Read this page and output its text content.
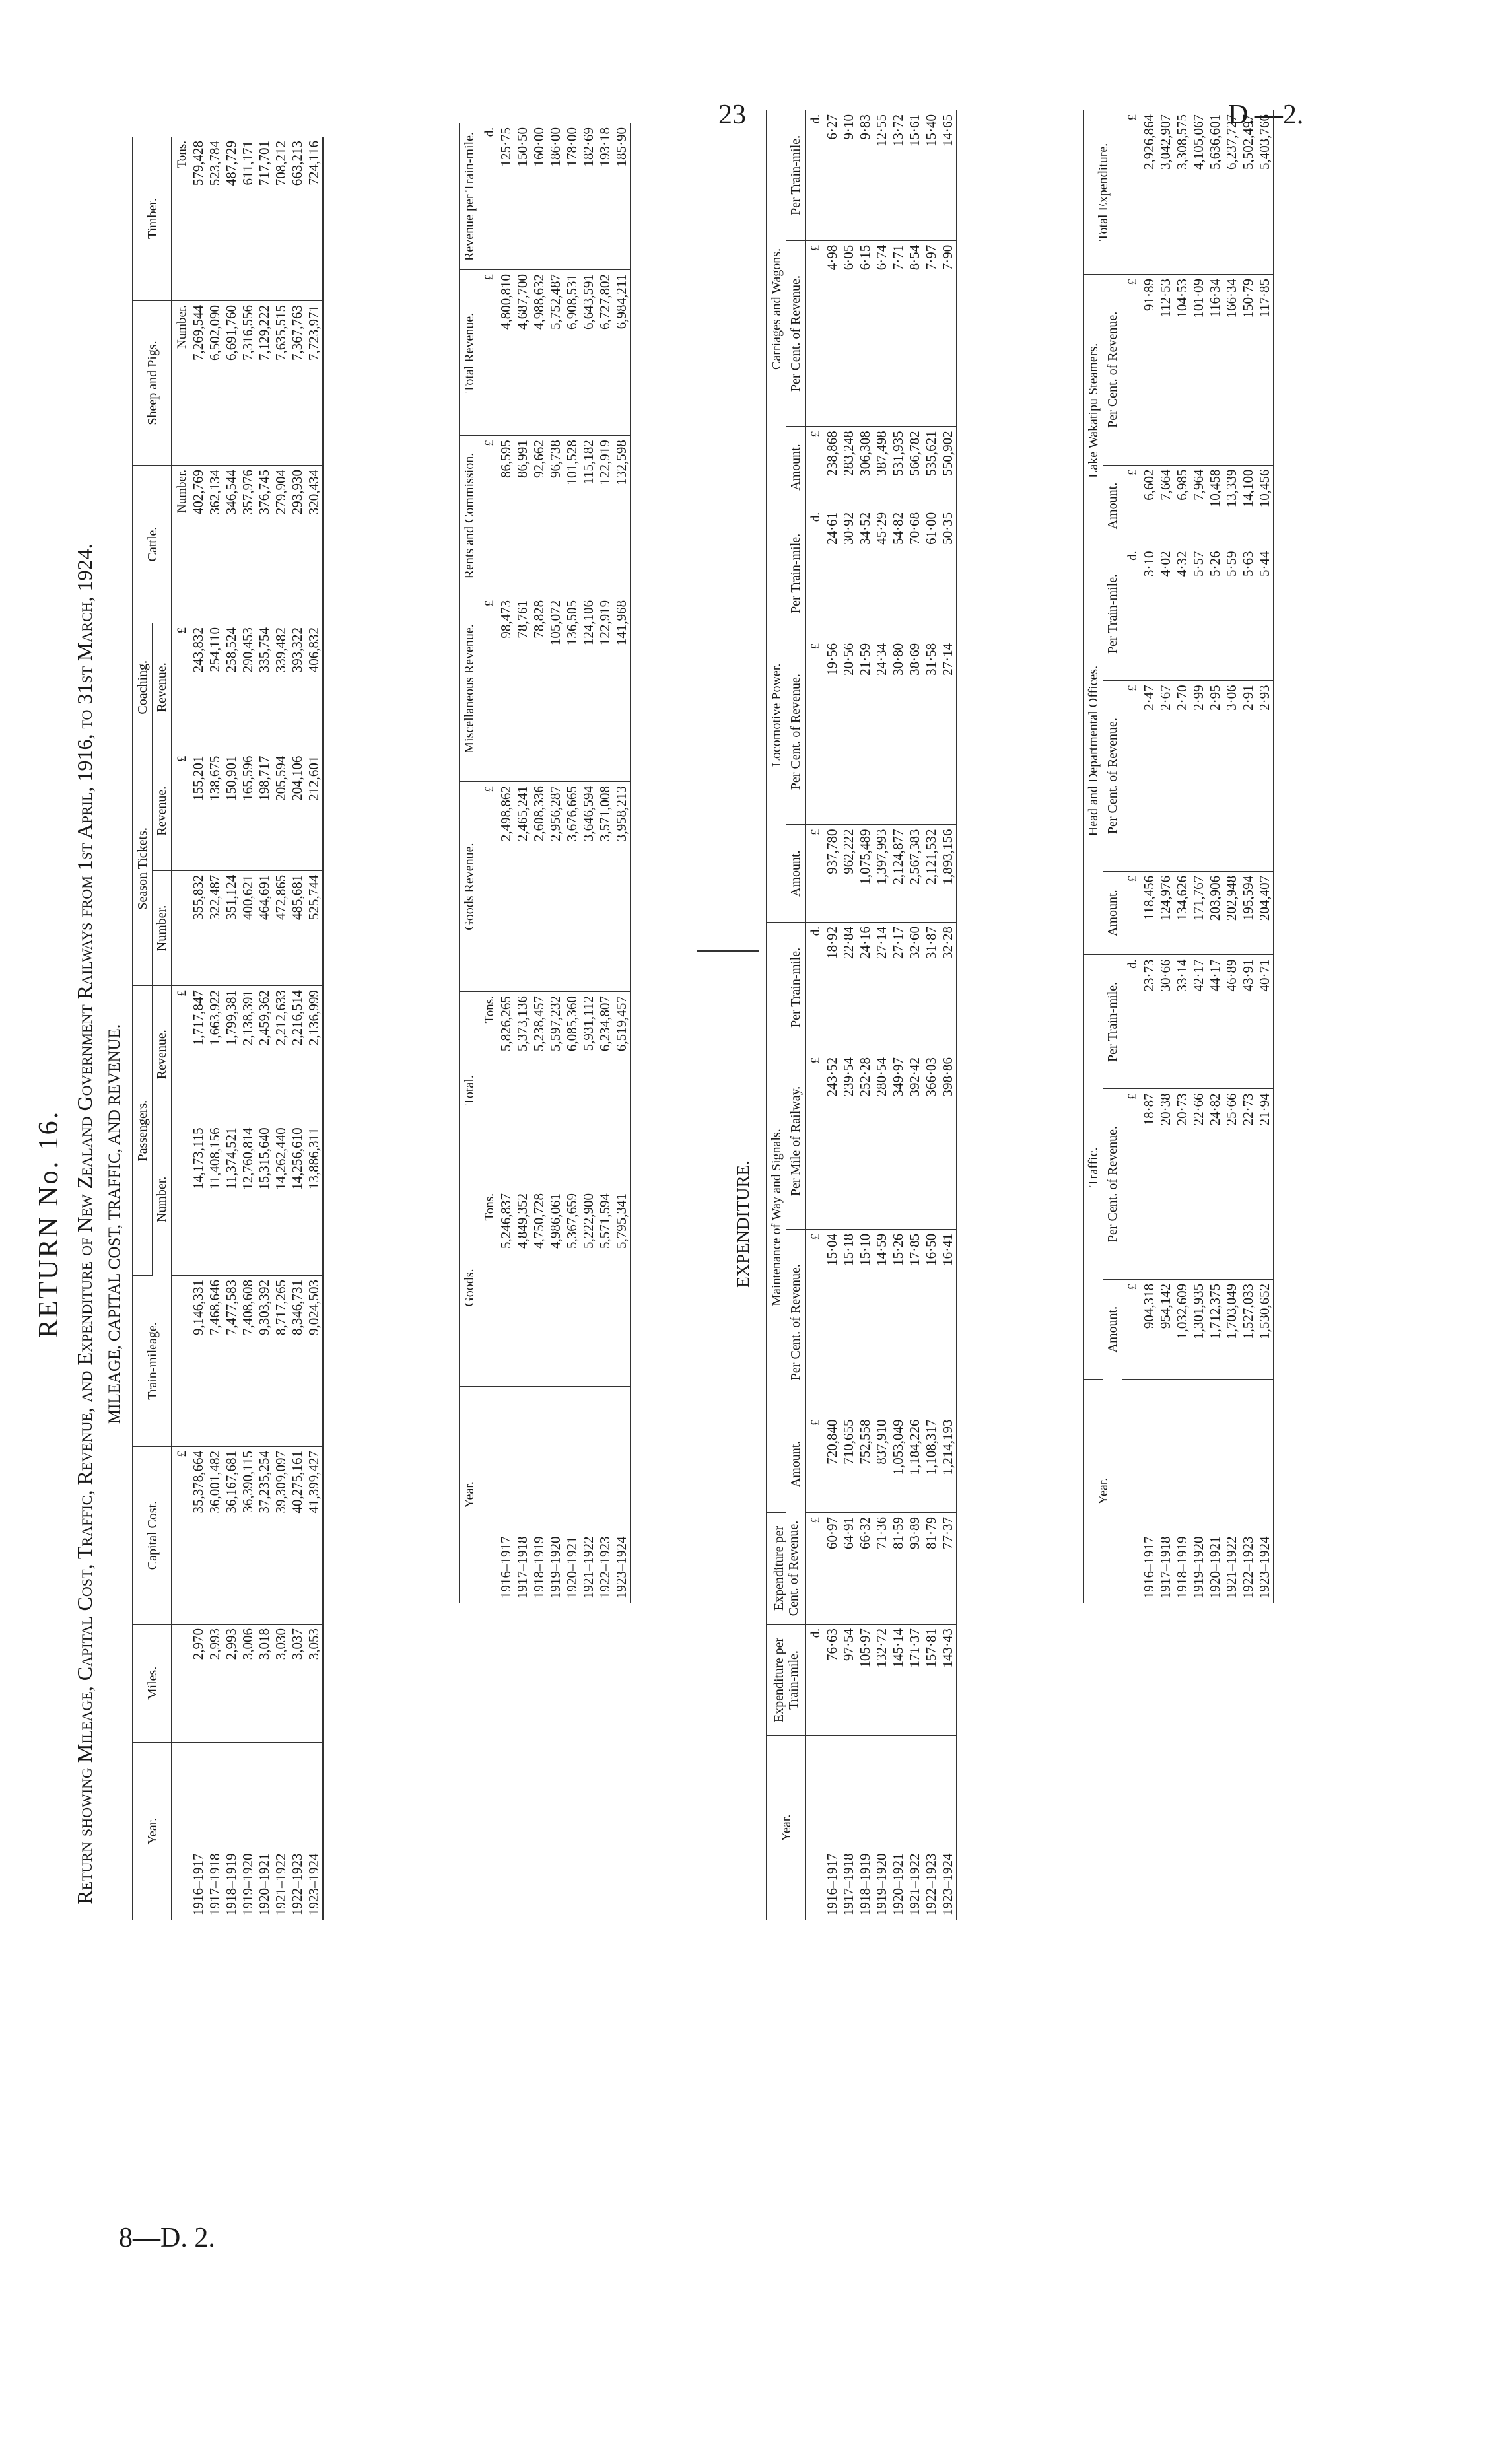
23	D.—2.
8—D. 2.
RETURN No. 16. Return showing Mileage, Capital Cost, Traffic, Revenue, and Expenditure of New Zealand Government Railways from 1st April, 1916, to 31st March, 1924. MILEAGE, CAPITAL COST, TRAFFIC, AND REVENUE.
Year.	Miles.	Capital Cost.	Train-mileage.	Passengers.		Season Tickets.		Coaching.	Cattle.	Sheep and Pigs.	Timber.
				Number.	Revenue.	Number.	Revenue.	Revenue.			
		£			£		£	£	Number.	Number.	Tons.
1916–1917	2,970	35,378,664	9,146,331	14,173,115	1,717,847	355,832	155,201	243,832	402,769	7,269,544	579,428
1917–1918	2,993	36,001,482	7,468,646	11,408,156	1,663,922	322,487	138,675	254,110	362,134	6,502,090	523,784
1918–1919	2,993	36,167,681	7,477,583	11,374,521	1,799,381	351,124	150,901	258,524	346,544	6,691,760	487,729
1919–1920	3,006	36,390,115	7,408,608	12,760,814	2,138,391	400,621	165,596	290,453	357,976	7,316,556	611,171
1920–1921	3,018	37,235,254	9,303,392	15,315,640	2,459,362	464,691	198,717	335,754	376,745	7,129,222	717,701
1921–1922	3,030	39,309,097	8,717,265	14,262,440	2,212,633	472,865	205,594	339,482	279,904	7,635,515	708,212
1922–1923	3,037	40,275,161	8,346,731	14,256,610	2,216,514	485,681	204,106	393,322	293,930	7,367,763	663,213
1923–1924	3,053	41,399,427	9,024,503	13,886,311	2,136,999	525,744	212,601	406,832	320,434	7,723,971	724,116
Year.	Goods.	Total.	Goods Revenue.	Miscellaneous Revenue.	Rents and Commission.	Total Revenue.	Revenue per Train-mile.
	Tons.	Tons.	£	£	£	£	d.
1916–1917	5,246,837	5,826,265	2,498,862	98,473	86,595	4,800,810	125·75
1917–1918	4,849,352	5,373,136	2,465,241	78,761	86,991	4,687,700	150·50
1918–1919	4,750,728	5,238,457	2,608,336	78,828	92,662	4,988,632	160·00
1919–1920	4,986,061	5,597,232	2,956,287	105,072	96,738	5,752,487	186·00
1920–1921	5,367,659	6,085,360	3,676,665	136,505	101,528	6,908,531	178·00
1921–1922	5,222,900	5,931,112	3,646,594	124,106	115,182	6,643,591	182·69
1922–1923	5,571,594	6,234,807	3,571,008	122,919	122,919	6,727,802	193·18
1923–1924	5,795,341	6,519,457	3,958,213	141,968	132,598	6,984,211	185·90
EXPENDITURE.
Year.	Expenditure per Train-mile.	Expenditure per Cent. of Revenue.	Maintenance of Way and Signals.				Locomotive Power.			Carriages and Wagons.		
			Amount.	Per Cent. of Revenue.	Per Mile of Railway.	Per Train-mile.	Amount.	Per Cent. of Revenue.	Per Train-mile.	Amount.	Per Cent. of Revenue.	Per Train-mile.
	d.	£	£	£	£	d.	£	£	d.	£	£	d.
1916–1917	76·63	60·97	720,840	15·04	243·52	18·92	937,780	19·56	24·61	238,868	4·98	6·27
1917–1918	97·54	64·91	710,655	15·18	239·54	22·84	962,222	20·56	30·92	283,248	6·05	9·10
1918–1919	105·97	66·32	752,558	15·10	252·28	24·16	1,075,489	21·59	34·52	306,308	6·15	9·83
1919–1920	132·72	71·36	837,910	14·59	280·54	27·14	1,397,993	24·34	45·29	387,498	6·74	12·55
1920–1921	145·14	81·59	1,053,049	15·26	349·97	27·17	2,124,877	30·80	54·82	531,935	7·71	13·72
1921–1922	171·37	93·89	1,184,226	17·85	392·42	32·60	2,567,383	38·69	70·68	566,782	8·54	15·61
1922–1923	157·81	81·79	1,108,317	16·50	366·03	31·87	2,121,532	31·58	61·00	535,621	7·97	15·40
1923–1924	143·43	77·37	1,214,193	16·41	398·86	32·28	1,893,156	27·14	50·35	550,902	7·90	14·65
Year.	Traffic.			Head and Departmental Offices.			Lake Wakatipu Steamers.		Total Expenditure.
	Amount.	Per Cent. of Revenue.	Per Train-mile.	Amount.	Per Cent. of Revenue.	Per Train-mile.	Amount.	Per Cent. of Revenue.	
	£	£	d.	£	£	d.	£	£	£
1916–1917	904,318	18·87	23·73	118,456	2·47	3·10	6,602	91·89	2,926,864
1917–1918	954,142	20·38	30·66	124,976	2·67	4·02	7,664	112·53	3,042,907
1918–1919	1,032,609	20·73	33·14	134,626	2·70	4·32	6,985	104·53	3,308,575
1919–1920	1,301,935	22·66	42·17	171,767	2·99	5·57	7,964	101·09	4,105,067
1920–1921	1,712,375	24·82	44·17	203,906	2·95	5·26	10,458	116·34	5,636,601
1921–1922	1,703,049	25·66	46·89	202,948	3·06	5·59	13,339	166·34	6,237,727
1922–1923	1,527,033	22·73	43·91	195,594	2·91	5·63	14,100	150·79	5,502,497
1923–1924	1,530,652	21·94	40·71	204,407	2·93	5·44	10,456	117·85	5,403,766
